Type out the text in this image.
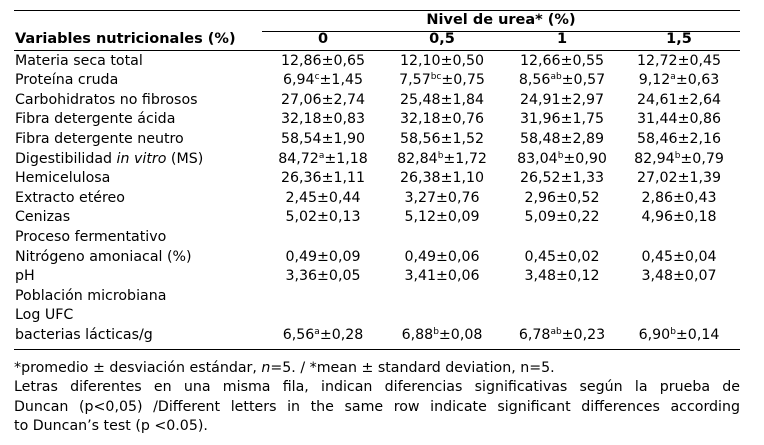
Nivel de urea* (%)
Variables nutricionales (%)	0	0,5	1	1,5
Materia seca total	12,86±0,65	12,10±0,50	12,66±0,55	12,72±0,45
Proteína cruda	6,94$^c$±1,45	7,57$^{bc}$±0,75	8,56$^{ab}$±0,57	9,12$^a$±0,63
Carbohidratos no fibrosos	27,06±2,74	25,48±1,84	24,91±2,97	24,61±2,64
Fibra detergente ácida	32,18±0,83	32,18±0,76	31,96±1,75	31,44±0,86
Fibra detergente neutro	58,54±1,90	58,56±1,52	58,48±2,89	58,46±2,16
Digestibilidad in vitro (MS)	84,72$^a$±1,18	82,84$^b$±1,72	83,04$^b$±0,90	82,94$^b$±0,79
Hemicelulosa	26,36±1,11	26,38±1,10	26,52±1,33	27,02±1,39
Extracto etéreo	2,45±0,44	3,27±0,76	2,96±0,52	2,86±0,43
Cenizas	5,02±0,13	5,12±0,09	5,09±0,22	4,96±0,18
Proceso fermentativo
Nitrógeno amoniacal (%)	0,49±0,09	0,49±0,06	0,45±0,02	0,45±0,04
pH	3,36±0,05	3,41±0,06	3,48±0,12	3,48±0,07
Población microbiana
Log UFC
bacterias lácticas/g	6,56$^a$±0,28	6,88$^b$±0,08	6,78$^{ab}$±0,23	6,90$^b$±0,14
*promedio ± desviación estándar, n=5. / *mean ± standard deviation, n=5.
Letras diferentes en una misma fila, indican diferencias significativas según la prueba de
Duncan (p<0,05) /Different letters in the same row indicate significant differences according
to Duncan’s test (p <0.05).
